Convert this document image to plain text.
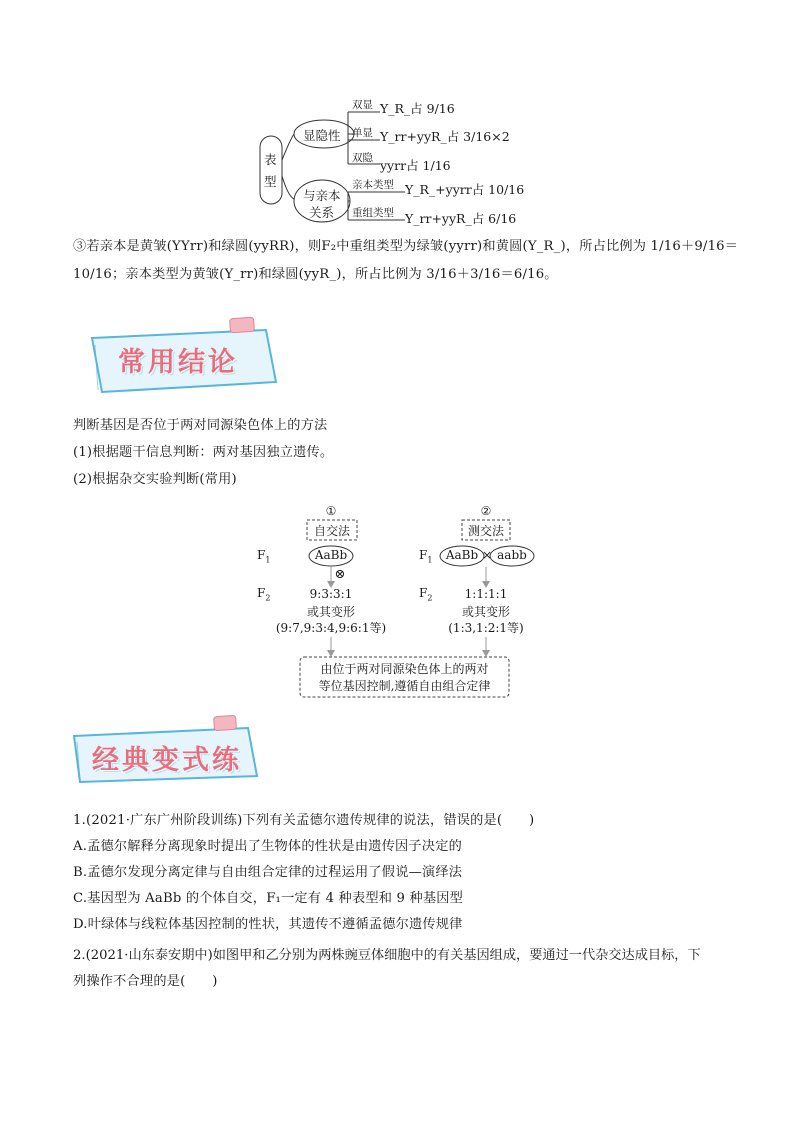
表
型
显隐性
与亲本
关系
双显 Y_R_占 9/16
单显 Y_rr+yyR_占 3/16×2
双隐 yyrr占 1/16
亲本类型 Y_R_+yyrr占 10/16
重组类型 Y_rr+yyR_占 6/16
③若亲本是黄皱(YYrr)和绿圆(yyRR)，则F₂中重组类型为绿皱(yyrr)和黄圆(Y_R_)，所占比例为 1/16＋9/16＝
10/16；亲本类型为黄皱(Y_rr)和绿圆(yyR_)，所占比例为 3/16＋3/16＝6/16。
常用结论
判断基因是否位于两对同源染色体上的方法
(1)根据题干信息判断：两对基因独立遗传。
(2)根据杂交实验判断(常用)
①
自交法
②
测交法
$F_1$	$F_1$
$F_2$	$F_2$
AaBb
⊗
AaBb × aabb
9:3:3:1
或其变形
(9:7,9:3:4,9:6:1等)
1:1:1:1
或其变形
(1:3,1:2:1等)
由位于两对同源染色体上的两对
等位基因控制,遵循自由组合定律
经典变式练
1.(2021·广东广州阶段训练)下列有关孟德尔遗传规律的说法，错误的是(　　)
A.孟德尔解释分离现象时提出了生物体的性状是由遗传因子决定的
B.孟德尔发现分离定律与自由组合定律的过程运用了假说—演绎法
C.基因型为 AaBb 的个体自交，F₁一定有 4 种表型和 9 种基因型
D.叶绿体与线粒体基因控制的性状，其遗传不遵循孟德尔遗传规律
2.(2021·山东泰安期中)如图甲和乙分别为两株豌豆体细胞中的有关基因组成，要通过一代杂交达成目标，下
列操作不合理的是(　　)
